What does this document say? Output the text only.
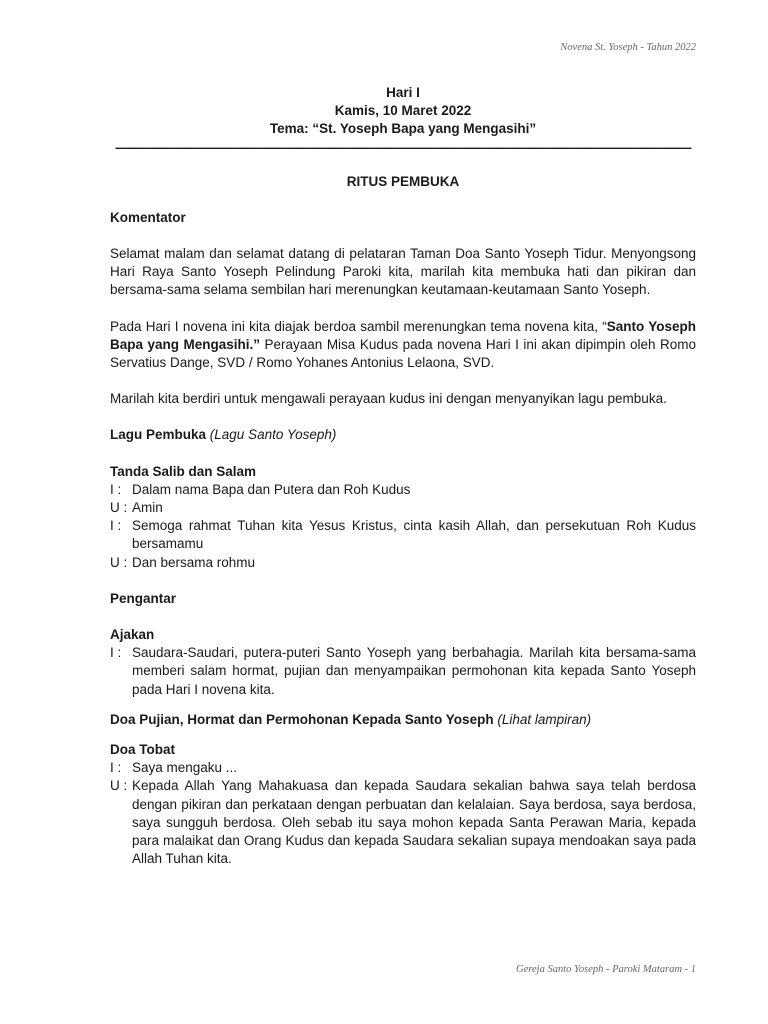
Novena St. Yoseph - Tahun 2022
Hari I
Kamis, 10 Maret 2022
Tema: “St. Yoseph Bapa yang Mengasihi”
——————————————————————————————————————————————
RITUS PEMBUKA
Komentator
Selamat malam dan selamat datang di pelataran Taman Doa Santo Yoseph Tidur. Menyongsong Hari Raya Santo Yoseph Pelindung Paroki kita, marilah kita membuka hati dan pikiran dan bersama-sama selama sembilan hari merenungkan keutamaan-keutamaan Santo Yoseph.
Pada Hari I novena ini kita diajak berdoa sambil merenungkan tema novena kita, “Santo Yoseph Bapa yang Mengasihi.” Perayaan Misa Kudus pada novena Hari I ini akan dipimpin oleh Romo Servatius Dange, SVD / Romo Yohanes Antonius Lelaona, SVD.
Marilah kita berdiri untuk mengawali perayaan kudus ini dengan menyanyikan lagu pembuka.
Lagu Pembuka (Lagu Santo Yoseph)
Tanda Salib dan Salam
I : Dalam nama Bapa dan Putera dan Roh Kudus
U : Amin
I : Semoga rahmat Tuhan kita Yesus Kristus, cinta kasih Allah, dan persekutuan Roh Kudus bersamamu
U : Dan bersama rohmu
Pengantar
Ajakan
I : Saudara-Saudari, putera-puteri Santo Yoseph yang berbahagia. Marilah kita bersama-sama memberi salam hormat, pujian dan menyampaikan permohonan kita kepada Santo Yoseph pada Hari I novena kita.
Doa Pujian, Hormat dan Permohonan Kepada Santo Yoseph (Lihat lampiran)
Doa Tobat
I : Saya mengaku ...
U : Kepada Allah Yang Mahakuasa dan kepada Saudara sekalian bahwa saya telah berdosa dengan pikiran dan perkataan dengan perbuatan dan kelalaian. Saya berdosa, saya berdosa, saya sungguh berdosa. Oleh sebab itu saya mohon kepada Santa Perawan Maria, kepada para malaikat dan Orang Kudus dan kepada Saudara sekalian supaya mendoakan saya pada Allah Tuhan kita.
Gereja Santo Yoseph - Paroki Mataram - 1
